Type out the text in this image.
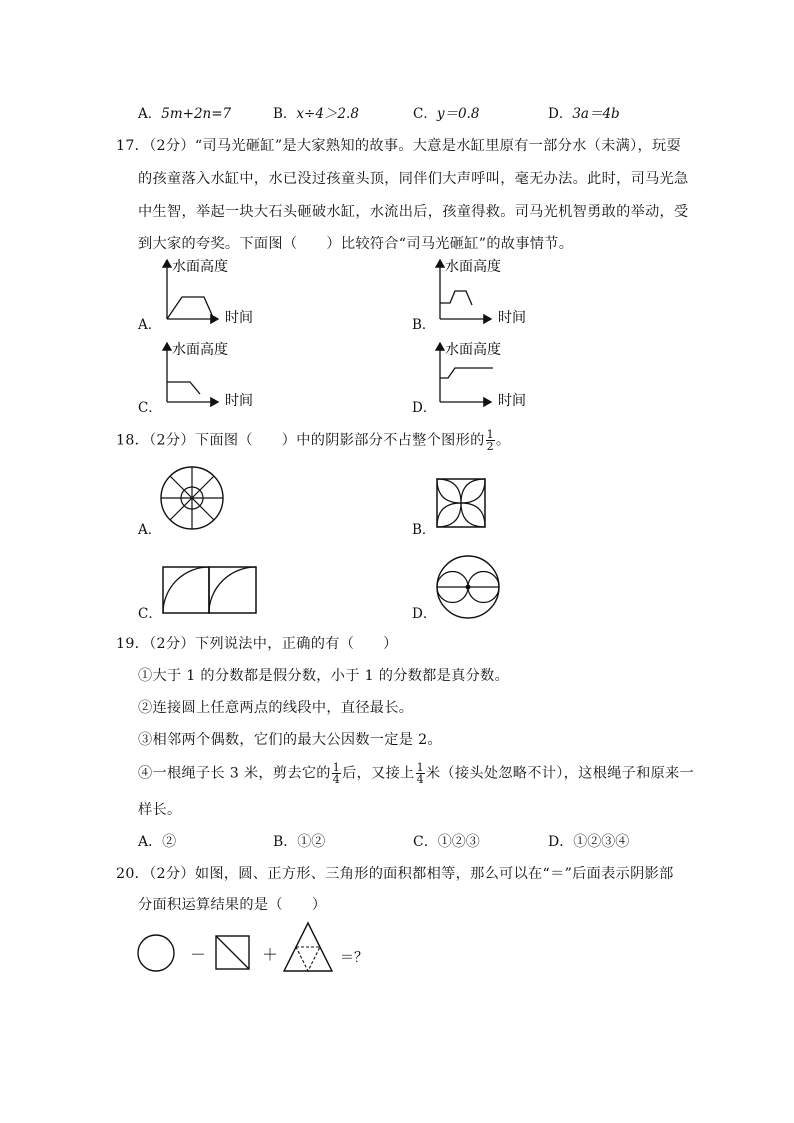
A．5m+2n=7	B．x÷4＞2.8	C．y＝0.8	D．3a＝4b
17．（2分）“司马光砸缸”是大家熟知的故事。大意是水缸里原有一部分水（未满），玩耍
的孩童落入水缸中，水已没过孩童头顶，同伴们大声呼叫，毫无办法。此时，司马光急
中生智，举起一块大石头砸破水缸，水流出后，孩童得救。司马光机智勇敢的举动，受
到大家的夸奖。下面图（　　）比较符合“司马光砸缸”的故事情节。
水面高度
时间
水面高度
时间
水面高度
时间
水面高度
时间
A．	B．
C．	D．
18．（2分）下面图（　　）中的阴影部分不占整个图形的 $\frac{1}{2}$ 。
A．	B．
C．	D．
19．（2分）下列说法中，正确的有（　　）
①大于 1 的分数都是假分数，小于 1 的分数都是真分数。
②连接圆上任意两点的线段中，直径最长。
③相邻两个偶数，它们的最大公因数一定是 2。
④一根绳子长 3 米，剪去它的 $\frac{1}{4}$ 后，又接上 $\frac{1}{4}$ 米（接头处忽略不计），这根绳子和原来一
样长。
A．②	B．①②	C．①②③	D．①②③④
20．（2分）如图，圆、正方形、三角形的面积都相等，那么可以在“＝”后面表示阴影部
分面积运算结果的是（　　）
－	＋	＝？
